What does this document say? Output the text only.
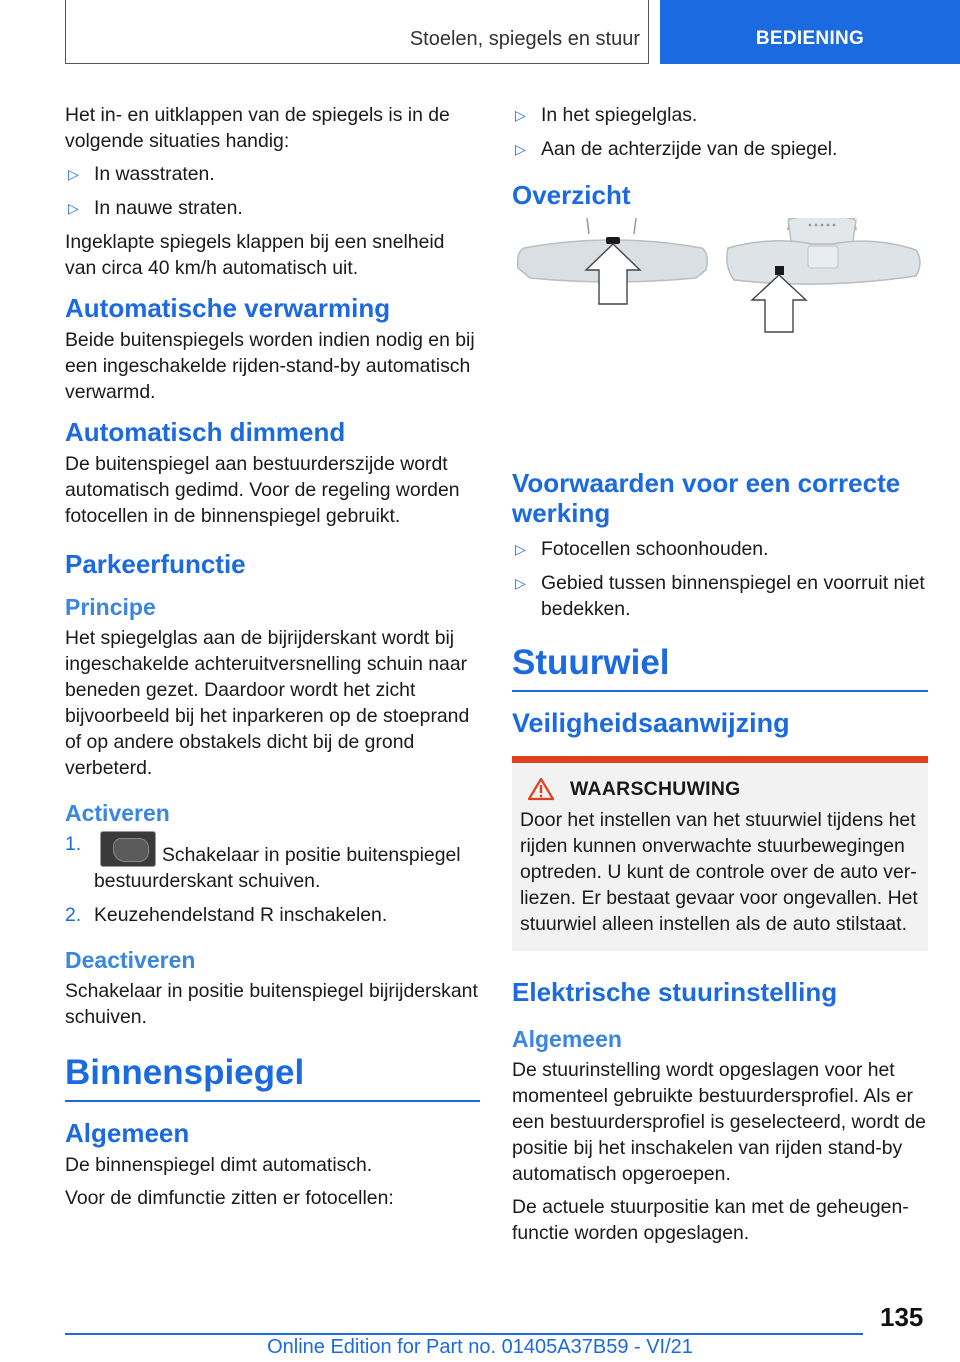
Stoelen, spiegels en stuur	BEDIENING

Het in- en uitklappen van de spiegels is in de volgende situaties handig:

▷ In wasstraten.
▷ In nauwe straten.

Ingeklapte spiegels klappen bij een snelheid van circa 40 km/h automatisch uit.

Automatische verwarming

Beide buitenspiegels worden indien nodig en bij een ingeschakelde rijden-stand-by automatisch verwarmd.

Automatisch dimmend

De buitenspiegel aan bestuurderszijde wordt automatisch gedimd. Voor de regeling worden fotocellen in de binnenspiegel gebruikt.

Parkeerfunctie
Principe

Het spiegelglas aan de bijrijderskant wordt bij ingeschakelde achteruitversnelling schuin naar beneden gezet. Daardoor wordt het zicht bijvoorbeeld bij het inparkeren op de stoeprand of op andere obstakels dicht bij de grond verbeterd.

Activeren
1.	Schakelaar in positie buitenspiegel bestuurderskant schuiven.
2. Keuzehendelstand R inschakelen.
Deactiveren

Schakelaar in positie buitenspiegel bijrijderskant schuiven.

Binnenspiegel
Algemeen

De binnenspiegel dimt automatisch.

Voor de dimfunctie zitten er fotocellen:

▷ In het spiegelglas.
▷ Aan de achterzijde van de spiegel.
Overzicht
Voorwaarden voor een correcte werking
▷ Fotocellen schoonhouden.
▷ Gebied tussen binnenspiegel en voorruit niet bedekken.
Stuurwiel
Veiligheidsaanwijzing
WAARSCHUWING

Door het instellen van het stuurwiel tijdens het rijden kunnen onverwachte stuurbewegingen optreden. U kunt de controle over de auto verliezen. Er bestaat gevaar voor ongevallen. Het stuurwiel alleen instellen als de auto stilstaat.

Elektrische stuurinstelling
Algemeen

De stuurinstelling wordt opgeslagen voor het momenteel gebruikte bestuurdersprofiel. Als er een bestuurdersprofiel is geselecteerd, wordt de positie bij het inschakelen van rijden stand-by automatisch opgeroepen.

De actuele stuurpositie kan met de geheugenfunctie worden opgeslagen.

135
Online Edition for Part no. 01405A37B59 - VI/21
